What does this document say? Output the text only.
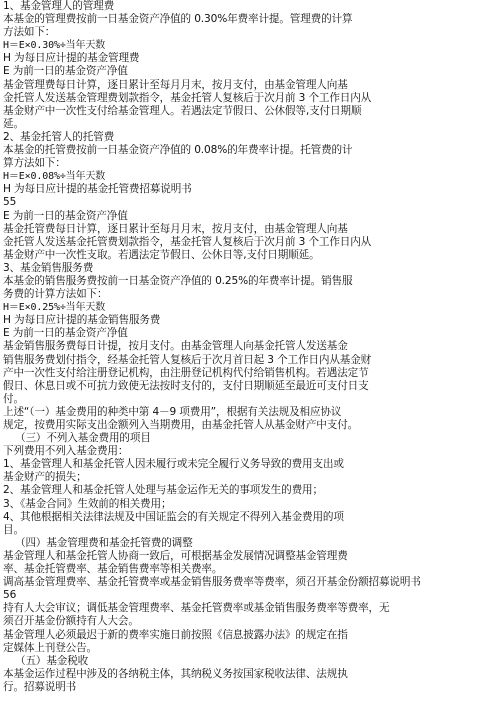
1、基金管理人的管理费
本基金的管理费按前一日基金资产净值的 0.30%年费率计提。管理费的计算
方法如下：
H＝E×0.30%÷当年天数
H 为每日应计提的基金管理费
E 为前一日的基金资产净值
基金管理费每日计算，逐日累计至每月月末，按月支付，由基金管理人向基
金托管人发送基金管理费划款指令，基金托管人复核后于次月前 3 个工作日内从
基金财产中一次性支付给基金管理人。若遇法定节假日、公休假等,支付日期顺
延。
2、基金托管人的托管费
本基金的托管费按前一日基金资产净值的 0.08%的年费率计提。托管费的计
算方法如下：
H＝E×0.08%÷当年天数
H 为每日应计提的基金托管费招募说明书
55
E 为前一日的基金资产净值
基金托管费每日计算，逐日累计至每月月末，按月支付，由基金管理人向基
金托管人发送基金托管费划款指令，基金托管人复核后于次月前 3 个工作日内从
基金财产中一次性支取。若遇法定节假日、公休日等,支付日期顺延。
3、基金销售服务费
本基金的销售服务费按前一日基金资产净值的 0.25%的年费率计提。销售服
务费的计算方法如下：
H＝E×0.25%÷当年天数
H 为每日应计提的基金销售服务费
E 为前一日的基金资产净值
基金销售服务费每日计提，按月支付。由基金管理人向基金托管人发送基金
销售服务费划付指令，经基金托管人复核后于次月首日起 3 个工作日内从基金财
产中一次性支付给注册登记机构，由注册登记机构代付给销售机构。若遇法定节
假日、休息日或不可抗力致使无法按时支付的，支付日期顺延至最近可支付日支
付。
上述“（一）基金费用的种类中第 4－9 项费用”，根据有关法规及相应协议
规定，按费用实际支出金额列入当期费用，由基金托管人从基金财产中支付。
（三）不列入基金费用的项目
下列费用不列入基金费用：
1、基金管理人和基金托管人因未履行或未完全履行义务导致的费用支出或
基金财产的损失；
2、基金管理人和基金托管人处理与基金运作无关的事项发生的费用；
3、《基金合同》生效前的相关费用；
4、其他根据相关法律法规及中国证监会的有关规定不得列入基金费用的项
目。
（四）基金管理费和基金托管费的调整
基金管理人和基金托管人协商一致后，可根据基金发展情况调整基金管理费
率、基金托管费率、基金销售费率等相关费率。
调高基金管理费率、基金托管费率或基金销售服务费率等费率，须召开基金份额招募说明书
56
持有人大会审议；调低基金管理费率、基金托管费率或基金销售服务费率等费率，无
须召开基金份额持有人大会。
基金管理人必须最迟于新的费率实施日前按照《信息披露办法》的规定在指
定媒体上刊登公告。
（五）基金税收
本基金运作过程中涉及的各纳税主体，其纳税义务按国家税收法律、法规执
行。招募说明书
